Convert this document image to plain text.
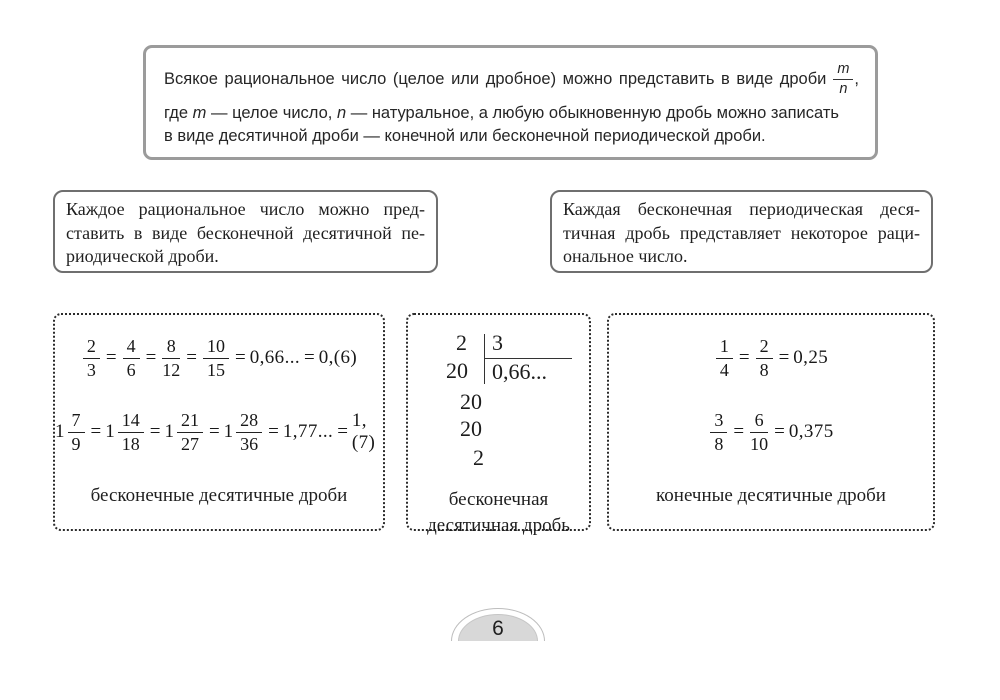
Всякое рациональное число (целое или дробное) можно представить в виде дроби $\frac{m}{n}$ ,
где m — целое число, n — натуральное, а любую обыкновенную дробь можно записать
в виде десятичной дроби — конечной или бесконечной периодической дроби.
Каждое рациональное число можно пред-
ставить в виде бесконечной десятичной пе-
риодической дроби.
Каждая бесконечная периодическая деся-
тичная дробь представляет некоторое раци-
ональное число.
$\frac{2}{3} = \frac{4}{6} = \frac{8}{12} = \frac{10}{15} = 0,66$... = 0,(6)
$1 \frac{7}{9} = 1 \frac{14}{18} = 1 \frac{21}{27} = 1 \frac{28}{36} = 1,77$... =
1,(7)
бесконечные десятичные дроби
2 3
20 0,66...
20
20
2
бесконечная
десятичная дробь
$\frac{1}{4} = \frac{2}{8} = 0,25$
$\frac{3}{8} = \frac{6}{10} = 0,375$
конечные десятичные дроби
6
